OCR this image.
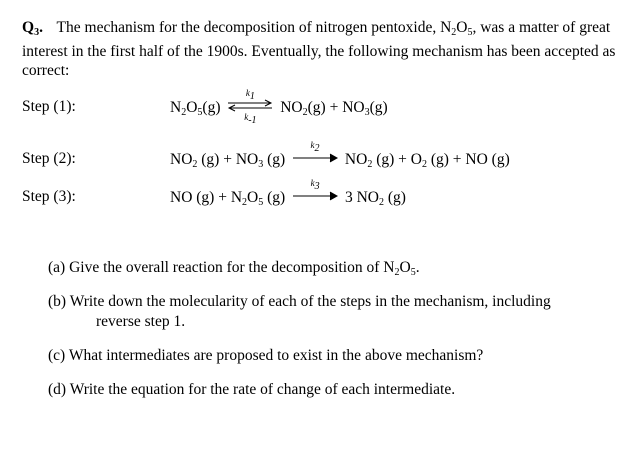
$Q_3$. The mechanism for the decomposition of nitrogen pentoxide, $N_2O_5$, was a matter of great interest in the first half of the 1900s. Eventually, the following mechanism has been accepted as correct:
Step (1):	$N_2O_5(g)$
k1
k-1
$NO_2(g) + NO_3(g)$
Step (2):	$NO_2$ $(g) + NO_3$ (g)
k2
$NO_2$ $(g) + O_2$ (g) + NO (g)
Step (3):	NO $(g) + N_2O_5$ (g)
k3
3 $NO_2$ (g)
(a) Give the overall reaction for the decomposition of $N_2O_5$.
(b) Write down the molecularity of each of the steps in the mechanism, including
reverse step 1.
(c) What intermediates are proposed to exist in the above mechanism?
(d) Write the equation for the rate of change of each intermediate.
